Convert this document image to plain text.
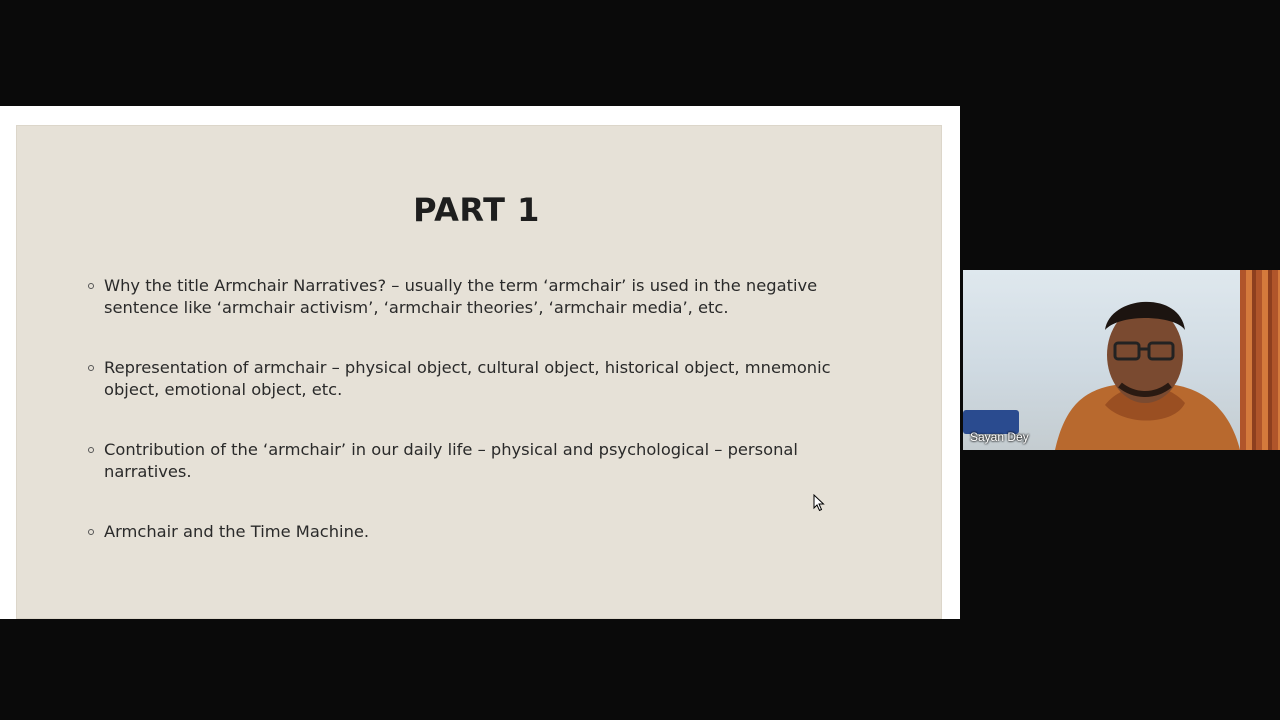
PART 1
Why the title Armchair Narratives? – usually the term ‘armchair’ is used in the negative sentence like ‘armchair activism’, ‘armchair theories’, ‘armchair media’, etc.
Representation of armchair – physical object, cultural object, historical object, mnemonic object, emotional object, etc.
Contribution of the ‘armchair’ in our daily life – physical and psychological – personal narratives.
Armchair and the Time Machine.
Sayan Dey
